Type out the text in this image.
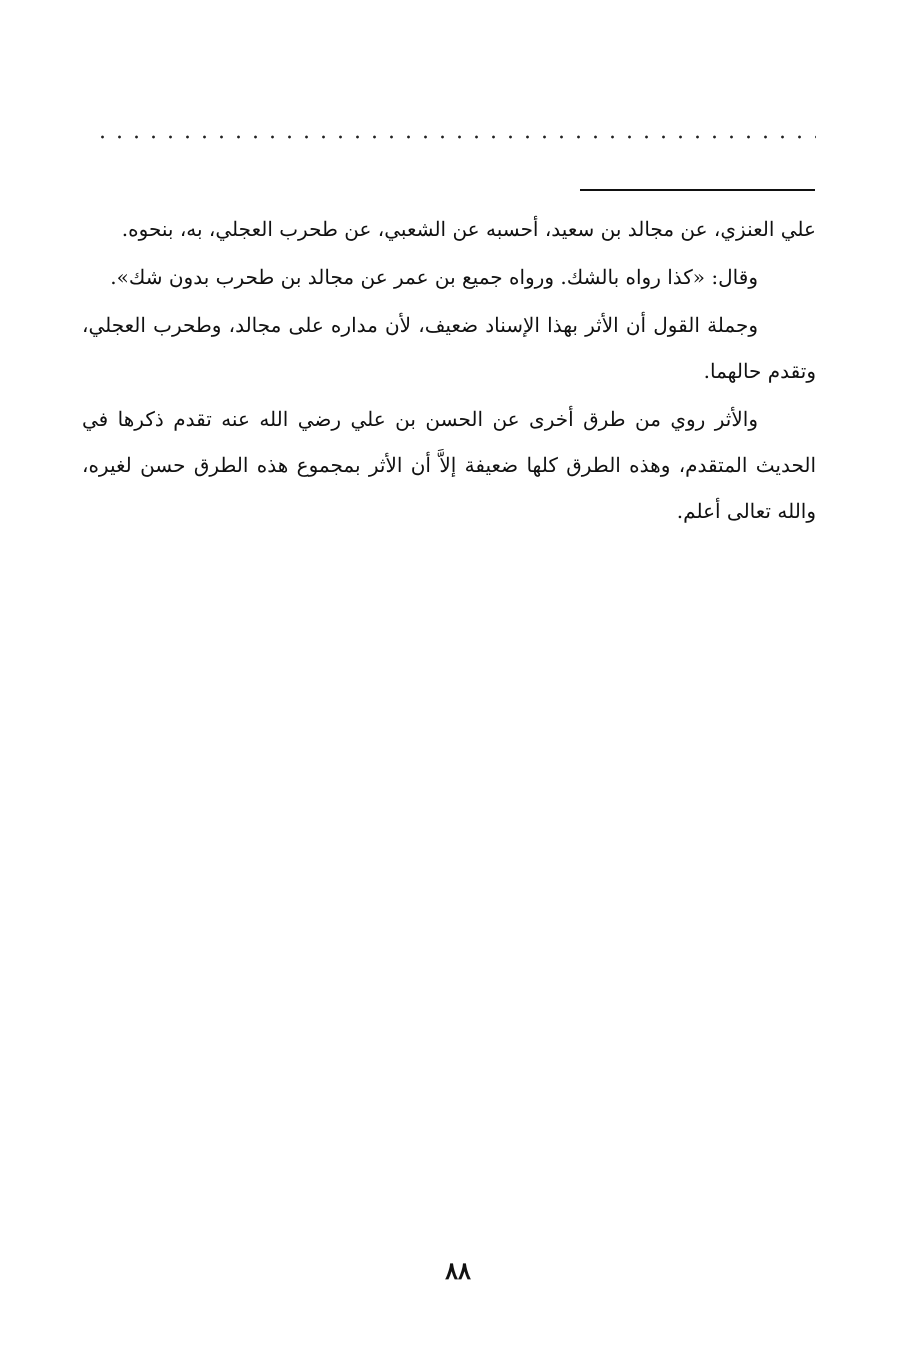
علي العنزي، عن مجالد بن سعيد، أحسبه عن الشعبي، عن طحرب العجلي، به، بنحوه.

وقال: «كذا رواه بالشك. ورواه جميع بن عمر عن مجالد بن طحرب بدون شك».

وجملة القول أن الأثر بهذا الإسناد ضعيف، لأن مداره على مجالد، وطحرب العجلي، وتقدم حالهما.

والأثر روي من طرق أخرى عن الحسن بن علي رضي الله عنه تقدم ذكرها في الحديث المتقدم، وهذه الطرق كلها ضعيفة إلاَّ أن الأثر بمجموع هذه الطرق حسن لغيره، والله تعالى أعلم.

٨٨
